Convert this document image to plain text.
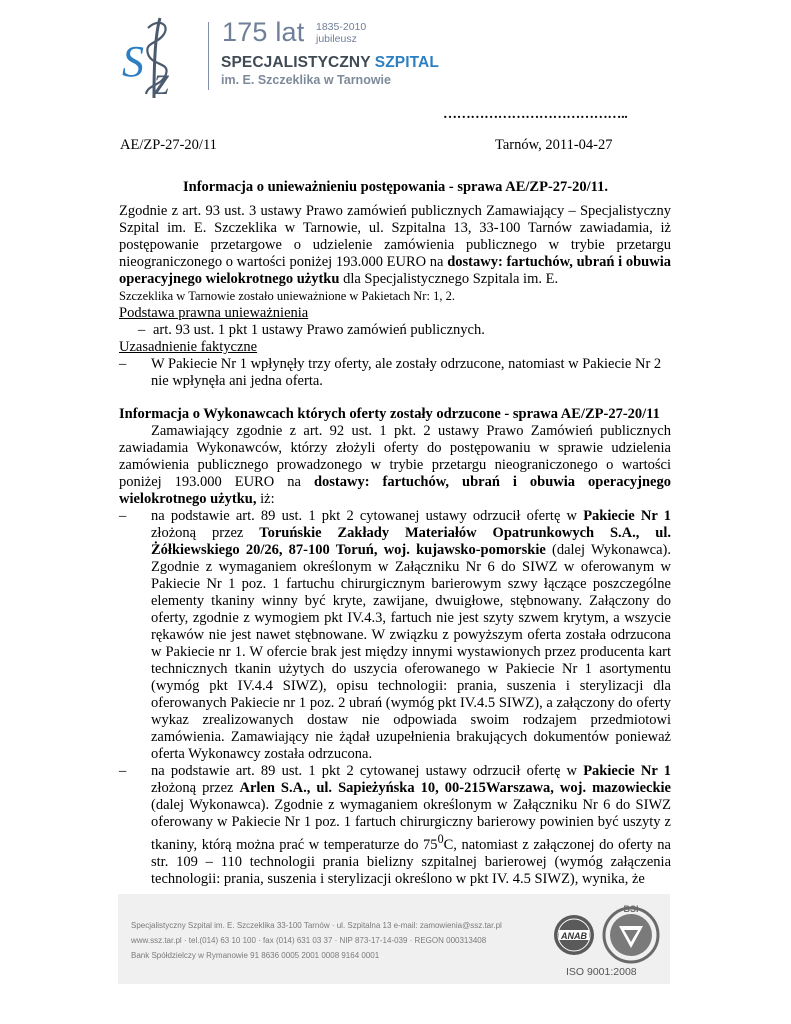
S z
175 lat 1835-2010
jubileusz
SPECJALISTYCZNY SZPITAL
im. E. Szczeklika w Tarnowie
…………………………………..
AE/ZP-27-20/11	Tarnów, 2011-04-27
Informacja o unieważnieniu postępowania - sprawa AE/ZP-27-20/11.

Zgodnie z art. 93 ust. 3 ustawy Prawo zamówień publicznych Zamawiający – Specjalistyczny Szpital im. E. Szczeklika w Tarnowie, ul. Szpitalna 13, 33-100 Tarnów zawiadamia, iż postępowanie przetargowe o udzielenie zamówienia publicznego w trybie przetargu nieograniczonego o wartości poniżej 193.000 EURO na dostawy: fartuchów, ubrań i obuwia operacyjnego wielokrotnego użytku dla Specjalistycznego Szpitala im. E.

Szczeklika w Tarnowie zostało unieważnione w Pakietach Nr: 1, 2.

Podstawa prawna unieważnienia

– art. 93 ust. 1 pkt 1 ustawy Prawo zamówień publicznych.

Uzasadnienie faktyczne

– W Pakiecie Nr 1 wpłynęły trzy oferty, ale zostały odrzucone, natomiast w Pakiecie Nr 2 nie wpłynęła ani jedna oferta.

Informacja o Wykonawcach których oferty zostały odrzucone - sprawa AE/ZP-27-20/11

Zamawiający zgodnie z art. 92 ust. 1 pkt. 2 ustawy Prawo Zamówień publicznych zawiadamia Wykonawców, którzy złożyli oferty do postępowaniu w sprawie udzielenia zamówienia publicznego prowadzonego w trybie przetargu nieograniczonego o wartości poniżej 193.000 EURO na dostawy: fartuchów, ubrań i obuwia operacyjnego wielokrotnego użytku, iż:

– na podstawie art. 89 ust. 1 pkt 2 cytowanej ustawy odrzucił ofertę w Pakiecie Nr 1 złożoną przez Toruńskie Zakłady Materiałów Opatrunkowych S.A., ul. Żółkiewskiego 20/26, 87-100 Toruń, woj. kujawsko-pomorskie (dalej Wykonawca). Zgodnie z wymaganiem określonym w Załączniku Nr 6 do SIWZ w oferowanym w Pakiecie Nr 1 poz. 1 fartuchu chirurgicznym barierowym szwy łączące poszczególne elementy tkaniny winny być kryte, zawijane, dwuigłowe, stębnowany. Załączony do oferty, zgodnie z wymogiem pkt IV.4.3, fartuch nie jest szyty szwem krytym, a wszycie rękawów nie jest nawet stębnowane. W związku z powyższym oferta została odrzucona w Pakiecie nr 1. W ofercie brak jest między innymi wystawionych przez producenta kart technicznych tkanin użytych do uszycia oferowanego w Pakiecie Nr 1 asortymentu (wymóg pkt IV.4.4 SIWZ), opisu technologii: prania, suszenia i sterylizacji dla oferowanych Pakiecie nr 1 poz. 2 ubrań (wymóg pkt IV.4.5 SIWZ), a załączony do oferty wykaz zrealizowanych dostaw nie odpowiada swoim rodzajem przedmiotowi zamówienia. Zamawiający nie żądał uzupełnienia brakujących dokumentów ponieważ oferta Wykonawcy została odrzucona.

– na podstawie art. 89 ust. 1 pkt 2 cytowanej ustawy odrzucił ofertę w Pakiecie Nr 1 złożoną przez Arlen S.A., ul. Sapieżyńska 10, 00-215Warszawa, woj. mazowieckie (dalej Wykonawca). Zgodnie z wymaganiem określonym w Załączniku Nr 6 do SIWZ oferowany w Pakiecie Nr 1 poz. 1 fartuch chirurgiczny barierowy powinien być uszyty z tkaniny, którą można prać w temperaturze do $75^0C$, natomiast z załączonej do oferty na str. 109 – 110 technologii prania bielizny szpitalnej barierowej (wymóg załączenia technologii: prania, suszenia i sterylizacji określono w pkt IV. 4.5 SIWZ), wynika, że

Specjalistyczny Szpital im. E. Szczeklika 33-100 Tarnów · ul. Szpitalna 13 e-mail: zamowienia@ssz.tar.pl
www.ssz.tar.pl · tel.(014) 63 10 100 · fax (014) 631 03 37 · NIP 873-17-14-039 · REGON 000313408
Bank Spółdzielczy w Rymanowie 91 8636 0005 2001 0008 9164 0001
ANAB
BSI
ISO 9001:2008
